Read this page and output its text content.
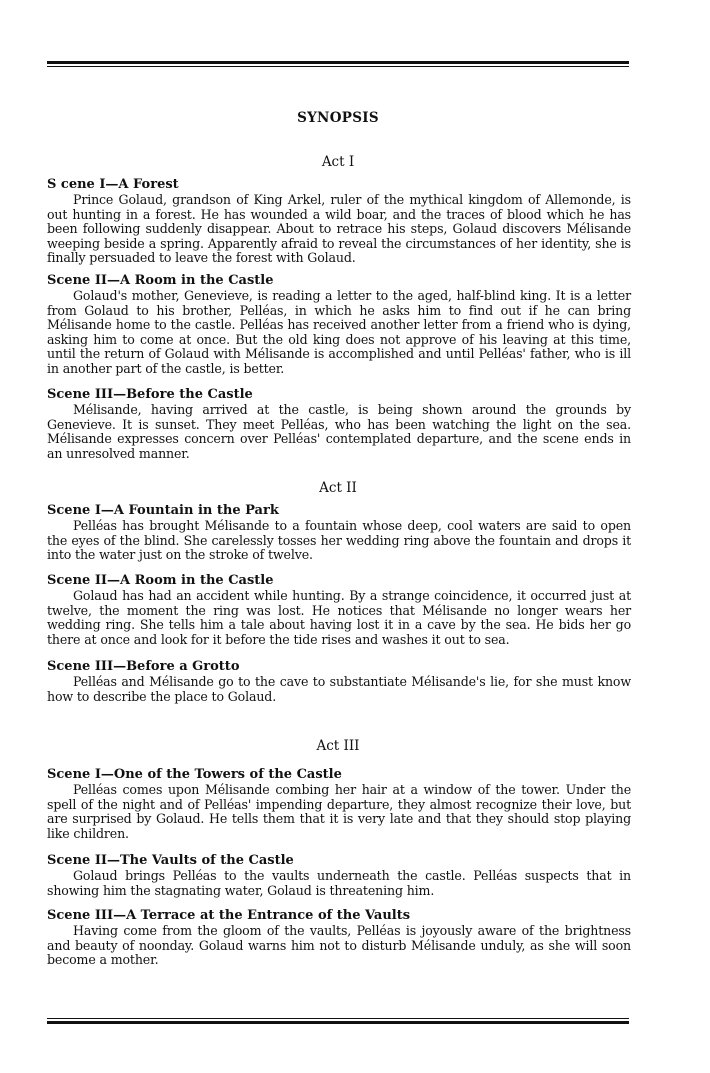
SYNOPSIS
Act I
S cene I—A Forest

Prince Golaud, grandson of King Arkel, ruler of the mythical kingdom of Allemonde, is out hunting in a forest. He has wounded a wild boar, and the traces of blood which he has been following suddenly disappear. About to retrace his steps, Golaud discovers Mélisande weeping beside a spring. Apparently afraid to reveal the circumstances of her identity, she is finally persuaded to leave the forest with Golaud.

Scene II—A Room in the Castle

Golaud's mother, Genevieve, is reading a letter to the aged, half-blind king. It is a letter from Golaud to his brother, Pelléas, in which he asks him to find out if he can bring Mélisande home to the castle. Pelléas has received another letter from a friend who is dying, asking him to come at once. But the old king does not approve of his leaving at this time, until the return of Golaud with Mélisande is accomplished and until Pelléas' father, who is ill in another part of the castle, is better.

Scene III—Before the Castle

Mélisande, having arrived at the castle, is being shown around the grounds by Genevieve. It is sunset. They meet Pelléas, who has been watching the light on the sea. Mélisande expresses concern over Pelléas' contemplated departure, and the scene ends in an unresolved manner.

Act II
Scene I—A Fountain in the Park

Pelléas has brought Mélisande to a fountain whose deep, cool waters are said to open the eyes of the blind. She carelessly tosses her wedding ring above the fountain and drops it into the water just on the stroke of twelve.

Scene II—A Room in the Castle

Golaud has had an accident while hunting. By a strange coincidence, it occurred just at twelve, the moment the ring was lost. He notices that Mélisande no longer wears her wedding ring. She tells him a tale about having lost it in a cave by the sea. He bids her go there at once and look for it before the tide rises and washes it out to sea.

Scene III—Before a Grotto

Pelléas and Mélisande go to the cave to substantiate Mélisande's lie, for she must know how to describe the place to Golaud.

Act III
Scene I—One of the Towers of the Castle

Pelléas comes upon Mélisande combing her hair at a window of the tower. Under the spell of the night and of Pelléas' impending departure, they almost recognize their love, but are surprised by Golaud. He tells them that it is very late and that they should stop playing like children.

Scene II—The Vaults of the Castle

Golaud brings Pelléas to the vaults underneath the castle. Pelléas suspects that in showing him the stagnating water, Golaud is threatening him.

Scene III—A Terrace at the Entrance of the Vaults

Having come from the gloom of the vaults, Pelléas is joyously aware of the brightness and beauty of noonday. Golaud warns him not to disturb Mélisande unduly, as she will soon become a mother.
